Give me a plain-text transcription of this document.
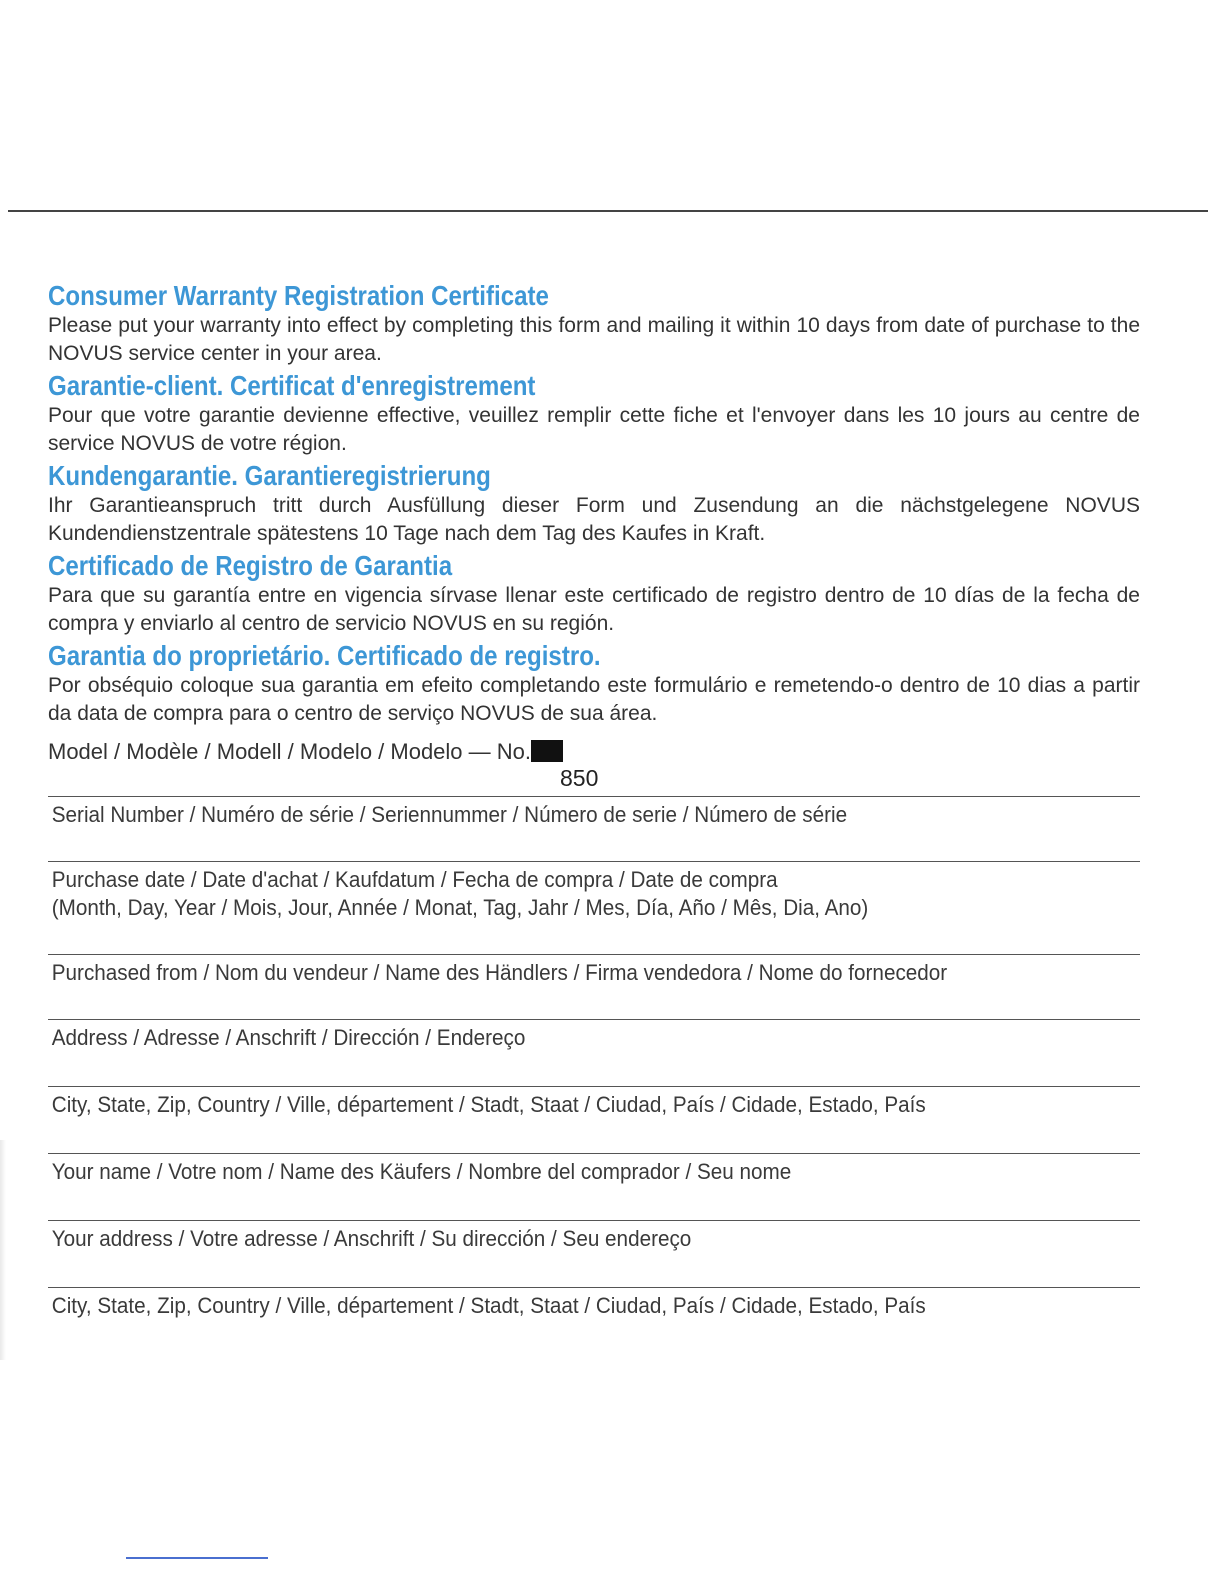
Consumer Warranty Registration Certificate

Please put your warranty into effect by completing this form and mailing it within 10 days from date of purchase to the NOVUS service center in your area.

Garantie-client. Certificat d'enregistrement

Pour que votre garantie devienne effective, veuillez remplir cette fiche et l'envoyer dans les 10 jours au centre de service NOVUS de votre région.

Kundengarantie. Garantieregistrierung

Ihr Garantieanspruch tritt durch Ausfüllung dieser Form und Zusendung an die nächstgelegene NOVUS Kundendienstzentrale spätestens 10 Tage nach dem Tag des Kaufes in Kraft.

Certificado de Registro de Garantia

Para que su garantía entre en vigencia sírvase llenar este certificado de registro dentro de 10 días de la fecha de compra y enviarlo al centro de servicio NOVUS en su región.

Garantia do proprietário. Certificado de registro.

Por obséquio coloque sua garantia em efeito completando este formulário e remetendo-o dentro de 10 dias a partir da data de compra para o centro de serviço NOVUS de sua área.

Model / Modèle / Modell / Modelo / Modelo — No.
850
Serial Number / Numéro de série / Seriennummer / Número de serie / Número de série
Purchase date / Date d'achat / Kaufdatum / Fecha de compra / Date de compra
(Month, Day, Year / Mois, Jour, Année / Monat, Tag, Jahr / Mes, Día, Año / Mês, Dia, Ano)
Purchased from / Nom du vendeur / Name des Händlers / Firma vendedora / Nome do fornecedor
Address / Adresse / Anschrift / Dirección / Endereço
City, State, Zip, Country / Ville, département / Stadt, Staat / Ciudad, País / Cidade, Estado, País
Your name / Votre nom / Name des Käufers / Nombre del comprador / Seu nome
Your address / Votre adresse / Anschrift / Su dirección / Seu endereço
City, State, Zip, Country / Ville, département / Stadt, Staat / Ciudad, País / Cidade, Estado, País
